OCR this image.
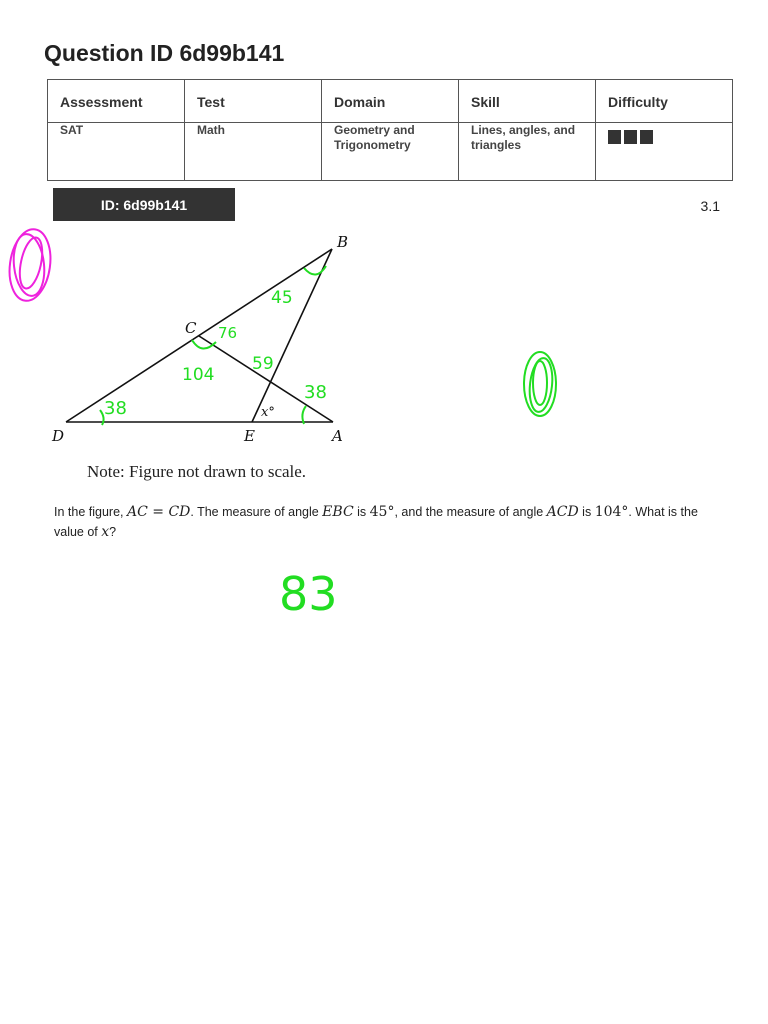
Question ID 6d99b141
Assessment	Test	Domain	Skill	Difficulty
SAT	Math	Geometry and Trigonometry	Lines, angles, and triangles	
ID: 6d99b141	3.1
B
C
D	E	A
x°
Note: Figure not drawn to scale.
In the figure, AC = CD. The measure of angle EBC is 45°, and the measure of angle ACD is 104°. What is the value of x?
45
76
104
59
38
38
83
